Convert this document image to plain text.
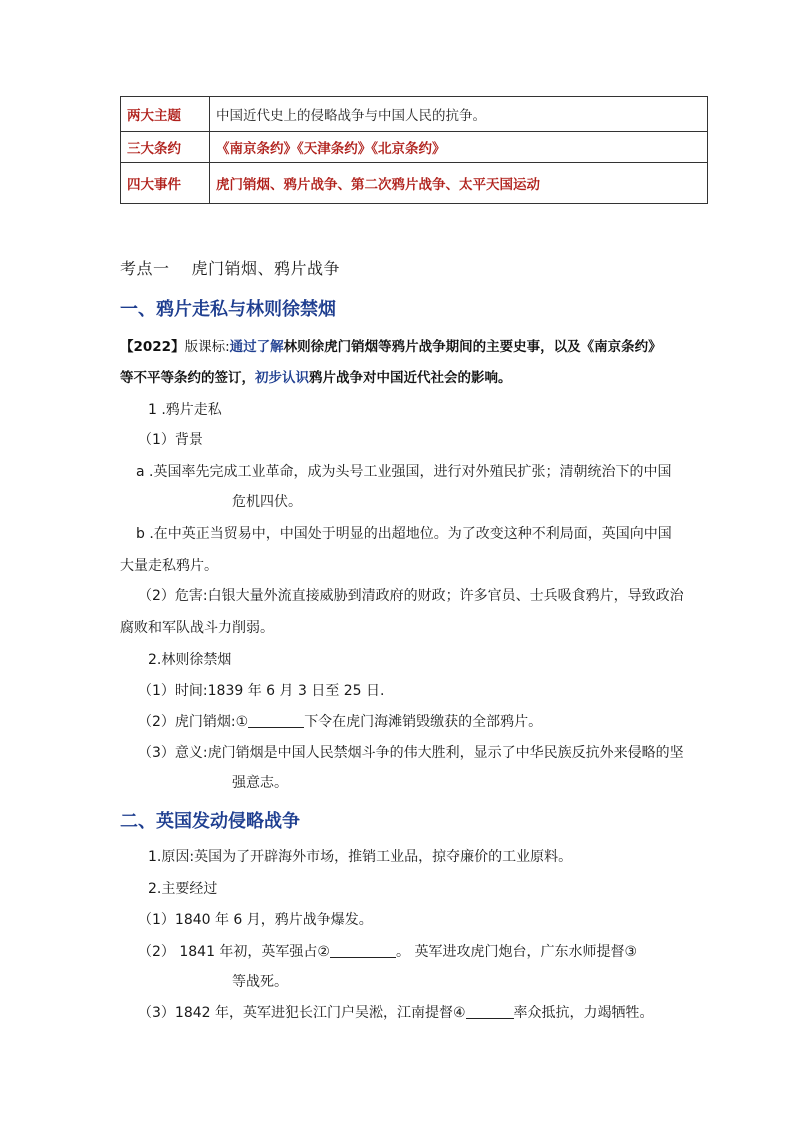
两大主题	中国近代史上的侵略战争与中国人民的抗争。
三大条约	《南京条约》《天津条约》《北京条约》
四大事件	虎门销烟、鸦片战争、第二次鸦片战争、太平天国运动
考点一 虎门销烟、鸦片战争
一、鸦片走私与林则徐禁烟
【2022】版课标:通过了解林则徐虎门销烟等鸦片战争期间的主要史事，以及《南京条约》
等不平等条约的签订，初步认识鸦片战争对中国近代社会的影响。
1 .鸦片走私
（1）背景
a .英国率先完成工业革命，成为头号工业强国，进行对外殖民扩张；清朝统治下的中国
危机四伏。
b .在中英正当贸易中，中国处于明显的出超地位。为了改变这种不利局面，英国向中国
大量走私鸦片。
（2）危害:白银大量外流直接威胁到清政府的财政；许多官员、士兵吸食鸦片，导致政治
腐败和军队战斗力削弱。
2.林则徐禁烟
（1）时间:1839 年 6 月 3 日至 25 日.
（2）虎门销烟:①	下令在虎门海滩销毁缴获的全部鸦片。
（3）意义:虎门销烟是中国人民禁烟斗争的伟大胜利，显示了中华民族反抗外来侵略的坚
强意志。
二、英国发动侵略战争
1.原因:英国为了开辟海外市场，推销工业品，掠夺廉价的工业原料。
2.主要经过
（1）1840 年 6 月，鸦片战争爆发。
（2） 1841 年初，英军强占②	。 英军进攻虎门炮台，广东水师提督③
等战死。
（3）1842 年，英军进犯长江门户吴淞，江南提督④	率众抵抗，力竭牺牲。
